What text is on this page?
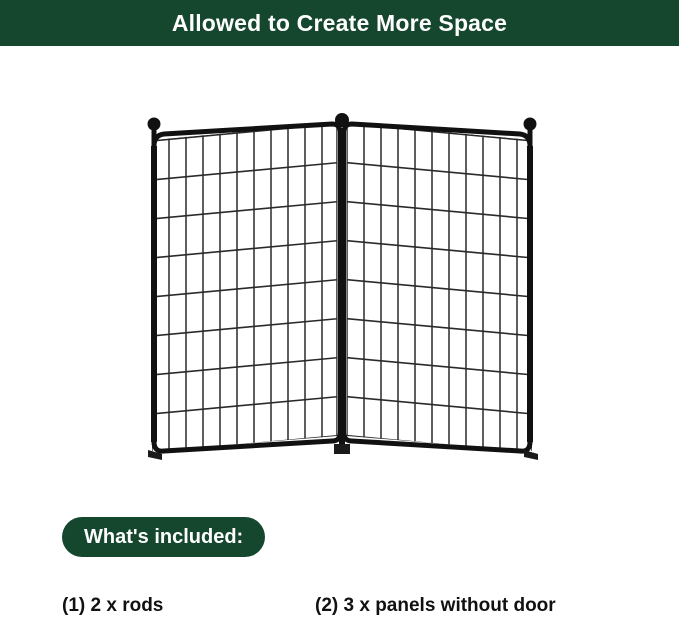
Allowed to Create More Space
What's included:
(1) 2 x rods	(2) 3 x panels without door
